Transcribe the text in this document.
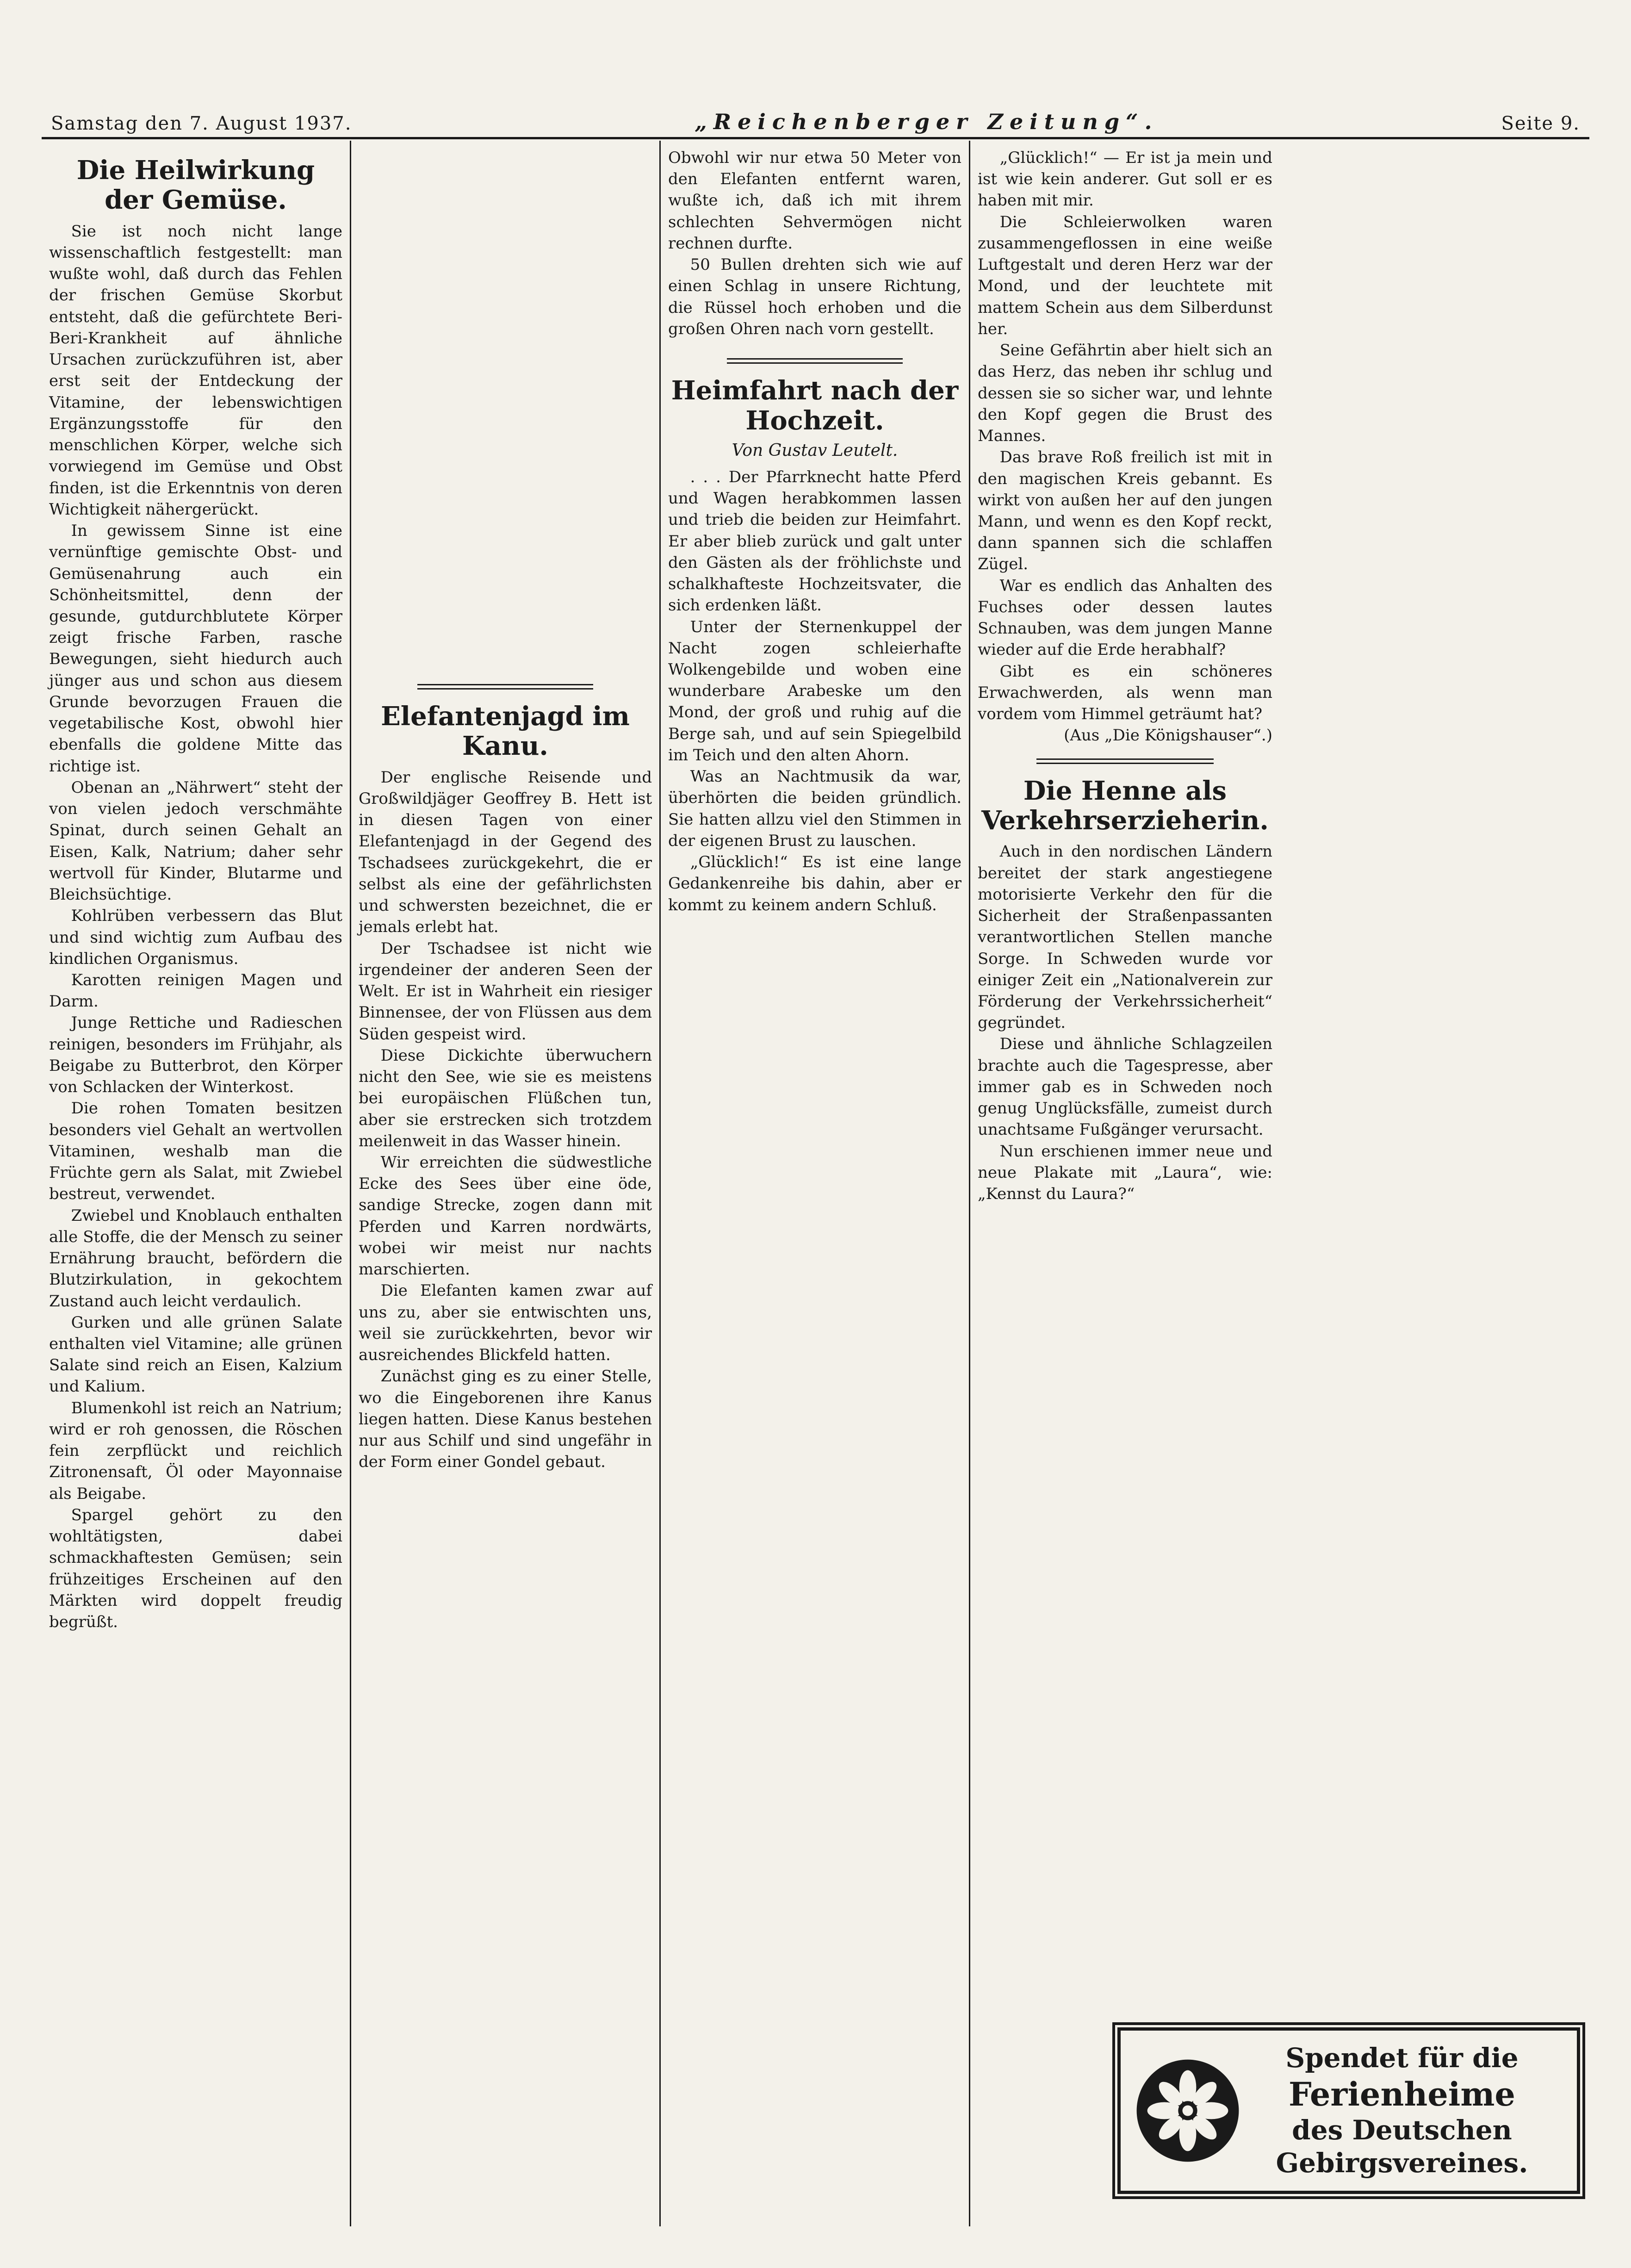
Samstag den 7. August 1937.	„Reichenberger Zeitung“.	Seite 9.
Die Heilwirkung der Gemüse.

Sie ist noch nicht lange wissenschaftlich festgestellt: man wußte wohl, daß durch das Fehlen der frischen Gemüse Skorbut entsteht, daß die gefürchtete Beri-Beri-Krankheit auf ähnliche Ursachen zurückzuführen ist, aber erst seit der Entdeckung der Vitamine, der lebenswichtigen Ergänzungsstoffe für den menschlichen Körper, welche sich vorwiegend im Gemüse und Obst finden, ist die Erkenntnis von deren Wichtigkeit nähergerückt.

In gewissem Sinne ist eine vernünftige gemischte Obst- und Gemüsenahrung auch ein Schönheitsmittel, denn der gesunde, gutdurchblutete Körper zeigt frische Farben, rasche Bewegungen, sieht hiedurch auch jünger aus und schon aus diesem Grunde bevorzugen Frauen die vegetabilische Kost, obwohl hier ebenfalls die goldene Mitte das richtige ist.

Obenan an „Nährwert“ steht der von vielen jedoch verschmähte Spinat, durch seinen Gehalt an Eisen, Kalk, Natrium; daher sehr wertvoll für Kinder, Blutarme und Bleichsüchtige.

Kohlrüben verbessern das Blut und sind wichtig zum Aufbau des kindlichen Organismus.

Karotten reinigen Magen und Darm.

Junge Rettiche und Radieschen reinigen, besonders im Frühjahr, als Beigabe zu Butterbrot, den Körper von Schlacken der Winterkost.

Die rohen Tomaten besitzen besonders viel Gehalt an wertvollen Vitaminen, weshalb man die Früchte gern als Salat, mit Zwiebel bestreut, verwendet.

Zwiebel und Knoblauch enthalten alle Stoffe, die der Mensch zu seiner Ernährung braucht, befördern die Blutzirkulation, in gekochtem Zustand auch leicht verdaulich.

Gurken und alle grünen Salate enthalten viel Vitamine; alle grünen Salate sind reich an Eisen, Kalzium und Kalium.

Blumenkohl ist reich an Natrium; wird er roh genossen, die Röschen fein zerpflückt und reichlich Zitronensaft, Öl oder Mayonnaise als Beigabe.

Spargel gehört zu den wohltätigsten, dabei schmackhaftesten Gemüsen; sein frühzeitiges Erscheinen auf den Märkten wird doppelt freudig begrüßt.

Elefantenjagd im Kanu.

Der englische Reisende und Großwildjäger Geoffrey B. Hett ist in diesen Tagen von einer Elefantenjagd in der Gegend des Tschadsees zurückgekehrt, die er selbst als eine der gefährlichsten und schwersten bezeichnet, die er jemals erlebt hat.

Der Tschadsee ist nicht wie irgendeiner der anderen Seen der Welt. Er ist in Wahrheit ein riesiger Binnensee, der von Flüssen aus dem Süden gespeist wird.

Diese Dickichte überwuchern nicht den See, wie sie es meistens bei europäischen Flüßchen tun, aber sie erstrecken sich trotzdem meilenweit in das Wasser hinein.

Wir erreichten die südwestliche Ecke des Sees über eine öde, sandige Strecke, zogen dann mit Pferden und Karren nordwärts, wobei wir meist nur nachts marschierten.

Die Elefanten kamen zwar auf uns zu, aber sie entwischten uns, weil sie zurückkehrten, bevor wir ausreichendes Blickfeld hatten.

Zunächst ging es zu einer Stelle, wo die Eingeborenen ihre Kanus liegen hatten. Diese Kanus bestehen nur aus Schilf und sind ungefähr in der Form einer Gondel gebaut.

Obwohl wir nur etwa 50 Meter von den Elefanten entfernt waren, wußte ich, daß ich mit ihrem schlechten Sehvermögen nicht rechnen durfte.

50 Bullen drehten sich wie auf einen Schlag in unsere Richtung, die Rüssel hoch erhoben und die großen Ohren nach vorn gestellt.

Heimfahrt nach der Hochzeit.
Von Gustav Leutelt.

. . . Der Pfarrknecht hatte Pferd und Wagen herabkommen lassen und trieb die beiden zur Heimfahrt. Er aber blieb zurück und galt unter den Gästen als der fröhlichste und schalkhafteste Hochzeitsvater, die sich erdenken läßt.

Unter der Sternenkuppel der Nacht zogen schleierhafte Wolkengebilde und woben eine wunderbare Arabeske um den Mond, der groß und ruhig auf die Berge sah, und auf sein Spiegelbild im Teich und den alten Ahorn.

Was an Nachtmusik da war, überhörten die beiden gründlich. Sie hatten allzu viel den Stimmen in der eigenen Brust zu lauschen.

„Glücklich!“ Es ist eine lange Gedankenreihe bis dahin, aber er kommt zu keinem andern Schluß.

„Glücklich!“ — Er ist ja mein und ist wie kein anderer. Gut soll er es haben mit mir.

Die Schleierwolken waren zusammengeflossen in eine weiße Luftgestalt und deren Herz war der Mond, und der leuchtete mit mattem Schein aus dem Silberdunst her.

Seine Gefährtin aber hielt sich an das Herz, das neben ihr schlug und dessen sie so sicher war, und lehnte den Kopf gegen die Brust des Mannes.

Das brave Roß freilich ist mit in den magischen Kreis gebannt. Es wirkt von außen her auf den jungen Mann, und wenn es den Kopf reckt, dann spannen sich die schlaffen Zügel.

War es endlich das Anhalten des Fuchses oder dessen lautes Schnauben, was dem jungen Manne wieder auf die Erde herabhalf?

Gibt es ein schöneres Erwachwerden, als wenn man vordem vom Himmel geträumt hat?

(Aus „Die Königshauser“.)

Die Henne als Verkehrserzieherin.

Auch in den nordischen Ländern bereitet der stark angestiegene motorisierte Verkehr den für die Sicherheit der Straßenpassanten verantwortlichen Stellen manche Sorge. In Schweden wurde vor einiger Zeit ein „Nationalverein zur Förderung der Verkehrssicherheit“ gegründet.

Diese und ähnliche Schlagzeilen brachte auch die Tagespresse, aber immer gab es in Schweden noch genug Unglücksfälle, zumeist durch unachtsame Fußgänger verursacht.

Nun erschienen immer neue und neue Plakate mit „Laura“, wie: „Kennst du Laura?“

Spendet für die
Ferienheime
des Deutschen
Gebirgsvereines.
